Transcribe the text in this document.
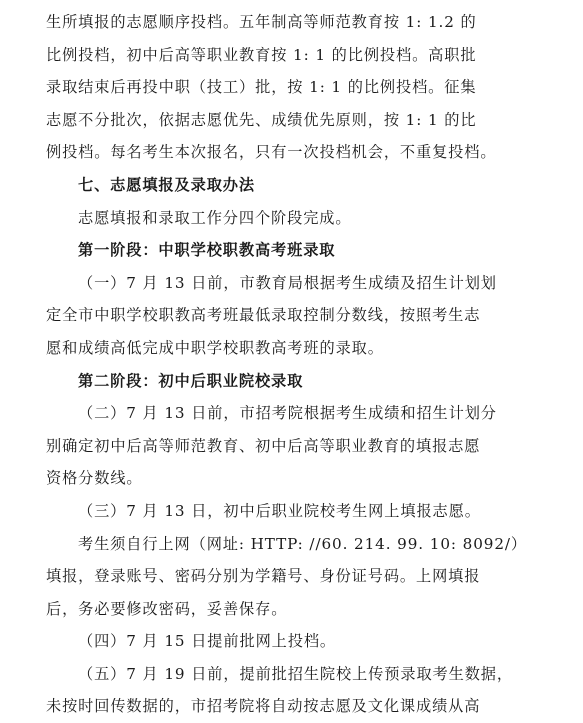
生所填报的志愿顺序投档。五年制高等师范教育按 1: 1.2 的
比例投档，初中后高等职业教育按 1: 1 的比例投档。高职批
录取结束后再投中职（技工）批，按 1: 1 的比例投档。征集
志愿不分批次，依据志愿优先、成绩优先原则，按 1: 1 的比
例投档。每名考生本次报名，只有一次投档机会，不重复投档。
七、志愿填报及录取办法
志愿填报和录取工作分四个阶段完成。
第一阶段：中职学校职教高考班录取
（一）7 月 13 日前，市教育局根据考生成绩及招生计划划
定全市中职学校职教高考班最低录取控制分数线，按照考生志
愿和成绩高低完成中职学校职教高考班的录取。
第二阶段：初中后职业院校录取
（二）7 月 13 日前，市招考院根据考生成绩和招生计划分
别确定初中后高等师范教育、初中后高等职业教育的填报志愿
资格分数线。
（三）7 月 13 日，初中后职业院校考生网上填报志愿。
考生须自行上网（网址: HTTP: //60. 214. 99. 10: 8092/）
填报，登录账号、密码分别为学籍号、身份证号码。上网填报
后，务必要修改密码，妥善保存。
（四）7 月 15 日提前批网上投档。
（五）7 月 19 日前，提前批招生院校上传预录取考生数据，
未按时回传数据的，市招考院将自动按志愿及文化课成绩从高
